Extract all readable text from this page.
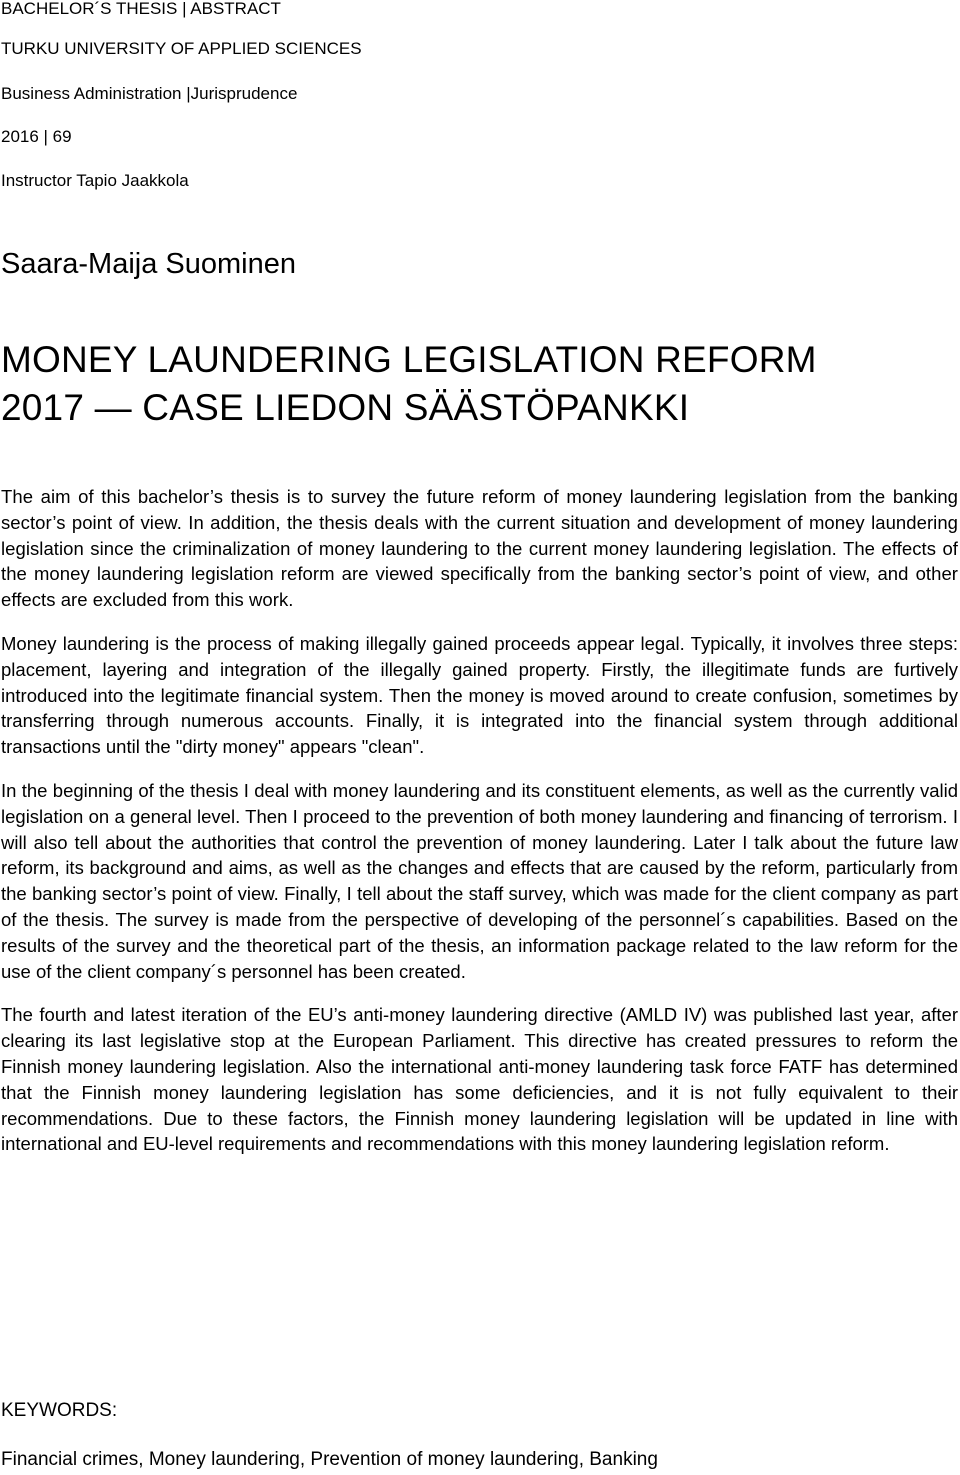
BACHELOR´S THESIS | ABSTRACT
TURKU UNIVERSITY OF APPLIED SCIENCES
Business Administration |Jurisprudence
2016 | 69
Instructor Tapio Jaakkola
Saara-Maija Suominen
MONEY LAUNDERING LEGISLATION REFORM
2017 — CASE LIEDON SÄÄSTÖPANKKI

The aim of this bachelor’s thesis is to survey the future reform of money laundering legislation from the banking sector’s point of view. In addition, the thesis deals with the current situation and development of money laundering legislation since the criminalization of money laundering to the current money laundering legislation. The effects of the money laundering legislation reform are viewed specifically from the banking sector’s point of view, and other effects are excluded from this work.

Money laundering is the process of making illegally gained proceeds appear legal. Typically, it involves three steps: placement, layering and integration of the illegally gained property. Firstly, the illegitimate funds are furtively introduced into the legitimate financial system. Then the money is moved around to create confusion, sometimes by transferring through numerous accounts. Finally, it is integrated into the financial system through additional transactions until the "dirty money" appears "clean".

In the beginning of the thesis I deal with money laundering and its constituent elements, as well as the currently valid legislation on a general level. Then I proceed to the prevention of both money laundering and financing of terrorism. I will also tell about the authorities that control the prevention of money laundering. Later I talk about the future law reform, its background and aims, as well as the changes and effects that are caused by the reform, particularly from the banking sector’s point of view. Finally, I tell about the staff survey, which was made for the client company as part of the thesis. The survey is made from the perspective of developing of the personnel´s capabilities. Based on the results of the survey and the theoretical part of the thesis, an information package related to the law reform for the use of the client company´s personnel has been created.

The fourth and latest iteration of the EU’s anti-money laundering directive (AMLD IV) was published last year, after clearing its last legislative stop at the European Parliament. This directive has created pressures to reform the Finnish money laundering legislation. Also the international anti-money laundering task force FATF has determined that the Finnish money laundering legislation has some deficiencies, and it is not fully equivalent to their recommendations. Due to these factors, the Finnish money laundering legislation will be updated in line with international and EU-level requirements and recommendations with this money laundering legislation reform.

KEYWORDS:
Financial crimes, Money laundering, Prevention of money laundering, Banking
